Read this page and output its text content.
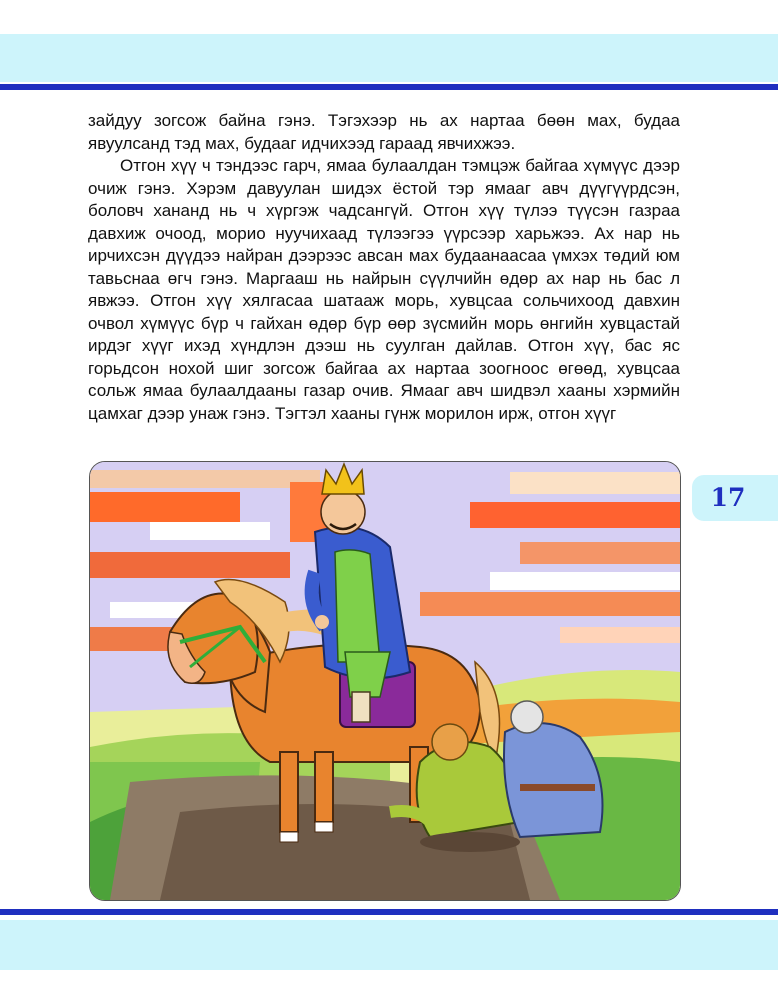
зайдуу зогсож байна гэнэ. Тэгэхээр нь ах нартаа бөөн мах, будаа явуулсанд тэд мах, будааг идчихээд гараад явчихжээ.

Отгон хүү ч тэндээс гарч, ямаа булаалдан тэмцэж байгаа хүмүүс дээр очиж гэнэ. Хэрэм давуулан шидэх ёстой тэр ямааг авч дүүгүүрдсэн, боловч хананд нь ч хүргэж чадсангүй. Отгон хүү түлээ түүсэн газраа давхиж очоод, морио нуучихаад түлээгээ үүрсээр харьжээ. Ах нар нь ирчихсэн дүүдээ найран дээрээс авсан мах будаанаасаа үмхэх төдий юм тавьснаа өгч гэнэ. Маргааш нь найрын сүүлчийн өдөр ах нар нь бас л явжээ. Отгон хүү хялгасаа шатааж морь, хувцсаа сольчихоод давхин очвол хүмүүс бүр ч гайхан өдөр бүр өөр зүсмийн морь өнгийн хувцастай ирдэг хүүг ихэд хүндлэн дээш нь суулган дайлав. Отгон хүү, бас яс горьдсон нохой шиг зогсож байгаа ах нартаа зоогноос өгөөд, хувцсаа сольж ямаа булаалдааны газар очив. Ямааг авч шидвэл хааны хэрмийн цамхаг дээр унаж гэнэ. Тэгтэл хааны гүнж морилон ирж, отгон хүүг

17
